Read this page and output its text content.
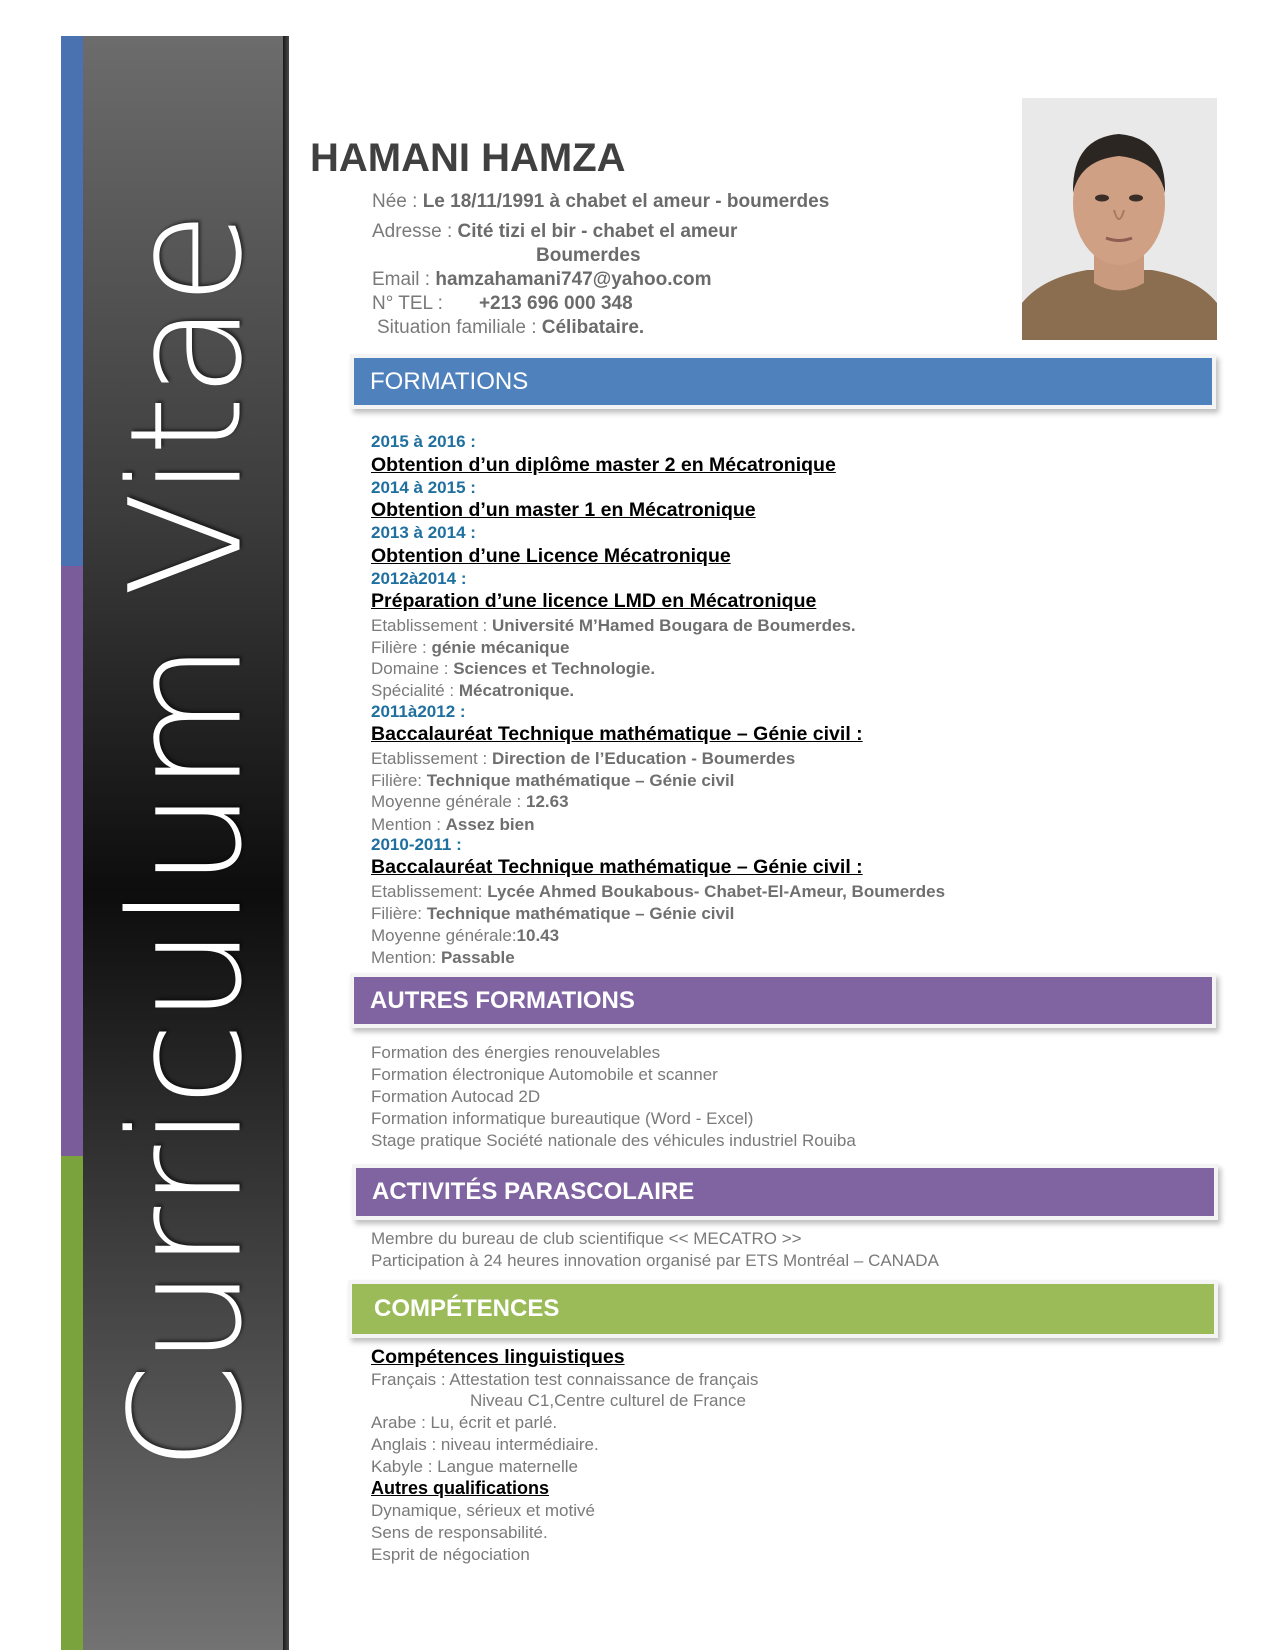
Curriculum Vitae
HAMANI HAMZA
Née : Le 18/11/1991 à chabet el ameur - boumerdes
Adresse : Cité tizi el bir - chabet el ameur
Boumerdes
Email : hamzahamani747@yahoo.com
N° TEL : +213 696 000 348
Situation familiale : Célibataire.
FORMATIONS
2015 à 2016 :
Obtention d’un diplôme master 2 en Mécatronique
2014 à 2015 :
Obtention d’un master 1 en Mécatronique
2013 à 2014 :
Obtention d’une Licence Mécatronique
2012à2014 :
Préparation d’une licence LMD en Mécatronique
Etablissement : Université M’Hamed Bougara de Boumerdes.
Filière : génie mécanique
Domaine : Sciences et Technologie.
Spécialité : Mécatronique.
2011à2012 :
Baccalauréat Technique mathématique – Génie civil :
Etablissement : Direction de l’Education - Boumerdes
Filière: Technique mathématique – Génie civil
Moyenne générale : 12.63
Mention : Assez bien
2010-2011 :
Baccalauréat Technique mathématique – Génie civil :
Etablissement: Lycée Ahmed Boukabous- Chabet-El-Ameur, Boumerdes
Filière: Technique mathématique – Génie civil
Moyenne générale:10.43
Mention: Passable
AUTRES FORMATIONS
Formation des énergies renouvelables
Formation électronique Automobile et scanner
Formation Autocad 2D
Formation informatique bureautique (Word - Excel)
Stage pratique Société nationale des véhicules industriel Rouiba
ACTIVITÉS PARASCOLAIRE
Membre du bureau de club scientifique << MECATRO >>
Participation à 24 heures innovation organisé par ETS Montréal – CANADA
COMPÉTENCES
Compétences linguistiques
Français : Attestation test connaissance de français
Niveau C1,Centre culturel de France
Arabe : Lu, écrit et parlé.
Anglais : niveau intermédiaire.
Kabyle : Langue maternelle
Autres qualifications
Dynamique, sérieux et motivé
Sens de responsabilité.
Esprit de négociation
